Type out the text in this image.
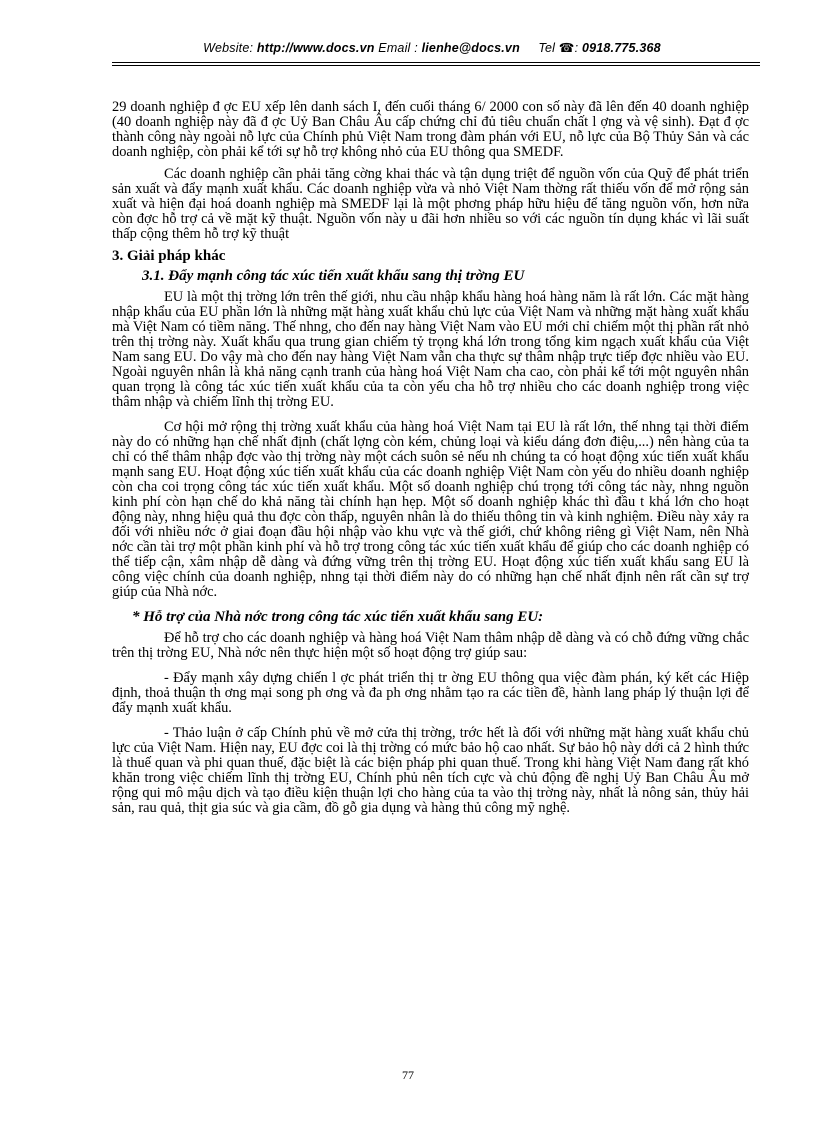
Website: http://www.docs.vn Email : lienhe@docs.vn Tel ☎: 0918.775.368

29 doanh nghiệp đ ợc EU xếp lên danh sách I, đến cuối tháng 6/ 2000 con số này đã lên đến 40 doanh nghiệp (40 doanh nghiệp này đã đ ợc Uỷ Ban Châu Âu cấp chứng chỉ đủ tiêu chuẩn chất l ợng và vệ sinh). Đạt đ ợc thành công này ngoài nỗ lực của Chính phủ Việt Nam trong đàm phán với EU, nỗ lực của Bộ Thủy Sản và các doanh nghiệp, còn phải kể tới sự hỗ trợ không nhỏ của EU thông qua SMEDF.

Các doanh nghiệp cần phải tăng cờng khai thác và tận dụng triệt để nguồn vốn của Quỹ để phát triển sản xuất và đẩy mạnh xuất khẩu. Các doanh nghiệp vừa và nhỏ Việt Nam thờng rất thiếu vốn để mở rộng sản xuất và hiện đại hoá doanh nghiệp mà SMEDF lại là một phơng pháp hữu hiệu để tăng nguồn vốn, hơn nữa còn đợc hỗ trợ cả về mặt kỹ thuật. Nguồn vốn này u đãi hơn nhiều so với các nguồn tín dụng khác vì lãi suất thấp cộng thêm hỗ trợ kỹ thuật

3. Giải pháp khác
3.1. Đẩy mạnh công tác xúc tiến xuất khẩu sang thị trờng EU

EU là một thị trờng lớn trên thế giới, nhu cầu nhập khẩu hàng hoá hàng năm là rất lớn. Các mặt hàng nhập khẩu của EU phần lớn là những mặt hàng xuất khẩu chủ lực của Việt Nam và những mặt hàng xuất khẩu mà Việt Nam có tiềm năng. Thế nhng, cho đến nay hàng Việt Nam vào EU mới chỉ chiếm một thị phần rất nhỏ trên thị trờng này. Xuất khẩu qua trung gian chiếm tỷ trọng khá lớn trong tổng kim ngạch xuất khẩu của Việt Nam sang EU. Do vậy mà cho đến nay hàng Việt Nam vẫn cha thực sự thâm nhập trực tiếp đợc nhiều vào EU. Ngoài nguyên nhân là khả năng cạnh tranh của hàng hoá Việt Nam cha cao, còn phải kể tới một nguyên nhân quan trọng là công tác xúc tiến xuất khẩu của ta còn yếu cha hỗ trợ nhiều cho các doanh nghiệp trong việc thâm nhập và chiếm lĩnh thị trờng EU.

Cơ hội mở rộng thị trờng xuất khẩu của hàng hoá Việt Nam tại EU là rất lớn, thế nhng tại thời điểm này do có những hạn chế nhất định (chất lợng còn kém, chủng loại và kiểu dáng đơn điệu,...) nên hàng của ta chỉ có thể thâm nhập đợc vào thị trờng này một cách suôn sẻ nếu nh chúng ta có hoạt động xúc tiến xuất khẩu mạnh sang EU. Hoạt động xúc tiến xuất khẩu của các doanh nghiệp Việt Nam còn yếu do nhiều doanh nghiệp còn cha coi trọng công tác xúc tiến xuất khẩu. Một số doanh nghiệp chú trọng tới công tác này, nhng nguồn kinh phí còn hạn chế do khả năng tài chính hạn hẹp. Một số doanh nghiệp khác thì đầu t khá lớn cho hoạt động này, nhng hiệu quả thu đợc còn thấp, nguyên nhân là do thiếu thông tin và kinh nghiệm. Điều này xảy ra đối với nhiều nớc ở giai đoạn đầu hội nhập vào khu vực và thế giới, chứ không riêng gì Việt Nam, nên Nhà nớc cần tài trợ một phần kinh phí và hỗ trợ trong công tác xúc tiến xuất khẩu để giúp cho các doanh nghiệp có thể tiếp cận, xâm nhập dễ dàng và đứng vững trên thị trờng EU. Hoạt động xúc tiến xuất khẩu sang EU là công việc chính của doanh nghiệp, nhng tại thời điểm này do có những hạn chế nhất định nên rất cần sự trợ giúp của Nhà nớc.

* Hỗ trợ của Nhà nớc trong công tác xúc tiến xuất khẩu sang EU:

Để hỗ trợ cho các doanh nghiệp và hàng hoá Việt Nam thâm nhập dễ dàng và có chỗ đứng vững chắc trên thị trờng EU, Nhà nớc nên thực hiện một số hoạt động trợ giúp sau:

- Đẩy mạnh xây dựng chiến l ợc phát triển thị tr ờng EU thông qua việc đàm phán, ký kết các Hiệp định, thoả thuận th ơng mại song ph ơng và đa ph ơng nhằm tạo ra các tiền đề, hành lang pháp lý thuận lợi để đẩy mạnh xuất khẩu.

- Thảo luận ở cấp Chính phủ về mở cửa thị trờng, trớc hết là đối với những mặt hàng xuất khẩu chủ lực của Việt Nam. Hiện nay, EU đợc coi là thị trờng có mức bảo hộ cao nhất. Sự bảo hộ này dới cả 2 hình thức là thuế quan và phi quan thuế, đặc biệt là các biện pháp phi quan thuế. Trong khi hàng Việt Nam đang rất khó khăn trong việc chiếm lĩnh thị trờng EU, Chính phủ nên tích cực và chủ động đề nghị Uỷ Ban Châu Âu mở rộng qui mô mậu dịch và tạo điều kiện thuận lợi cho hàng của ta vào thị trờng này, nhất là nông sản, thủy hải sản, rau quả, thịt gia súc và gia cầm, đồ gỗ gia dụng và hàng thủ công mỹ nghệ.

77
